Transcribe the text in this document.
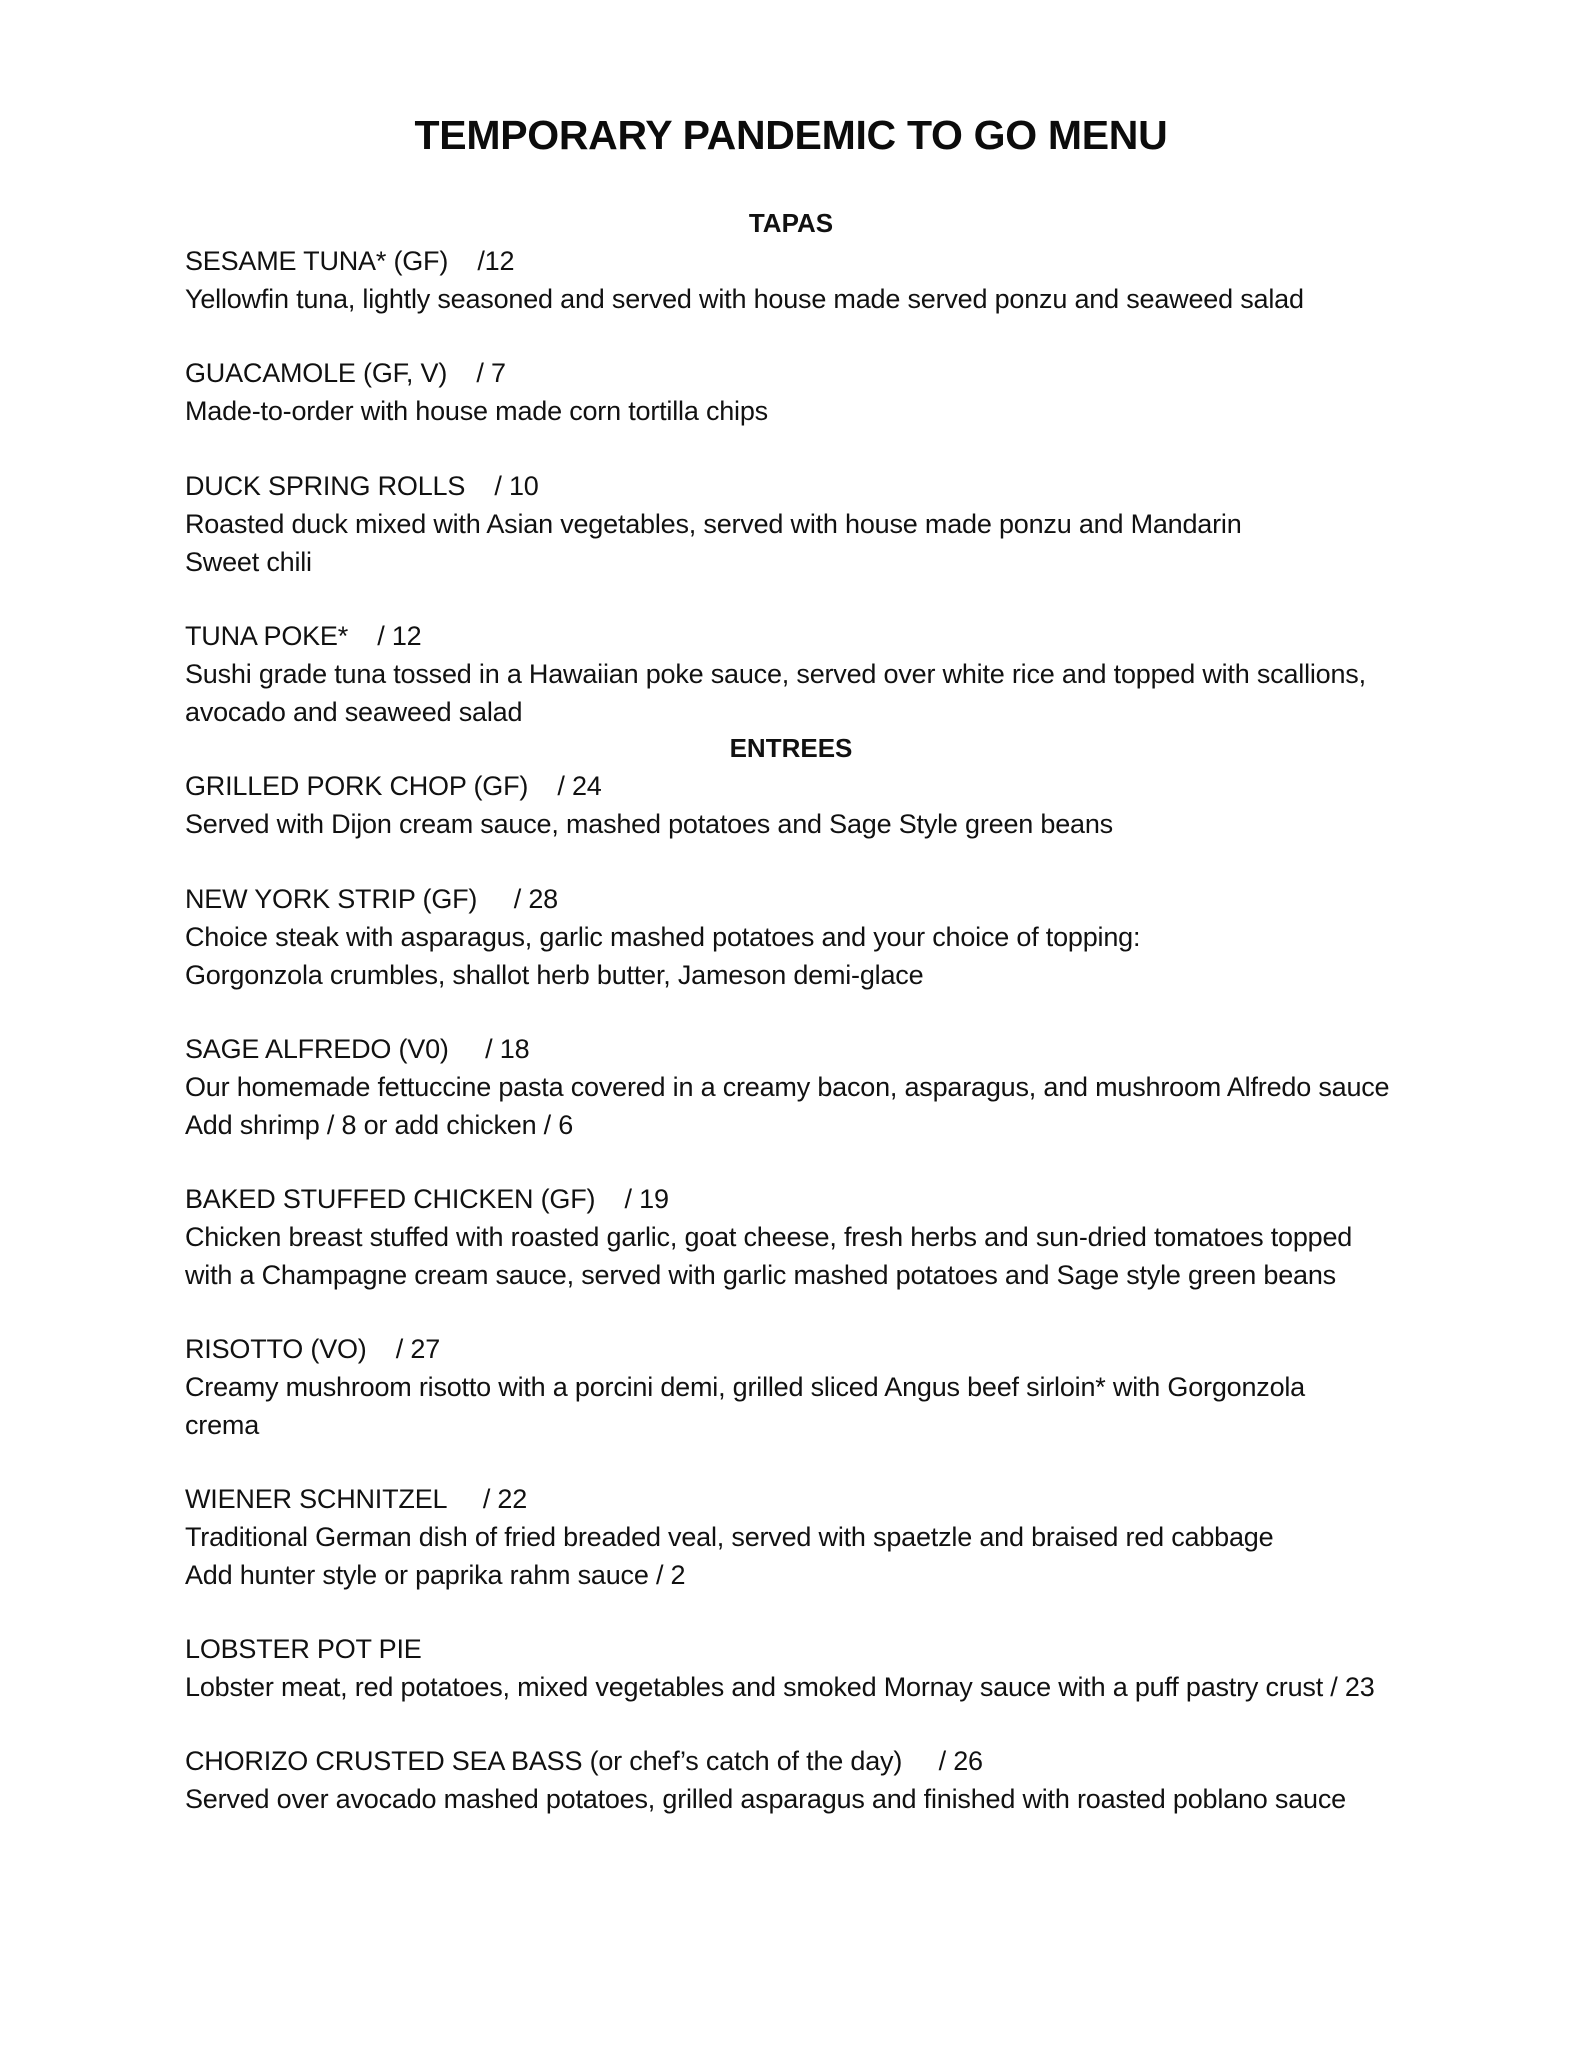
TEMPORARY PANDEMIC TO GO MENU
TAPAS
SESAME TUNA* (GF)    /12
Yellowfin tuna, lightly seasoned and served with house made served ponzu and seaweed salad
GUACAMOLE (GF, V)    / 7
Made-to-order with house made corn tortilla chips
DUCK SPRING ROLLS    / 10
Roasted duck mixed with Asian vegetables, served with house made ponzu and Mandarin
Sweet chili
TUNA POKE*    / 12
Sushi grade tuna tossed in a Hawaiian poke sauce, served over white rice and topped with scallions,
avocado and seaweed salad
ENTREES
GRILLED PORK CHOP (GF)    / 24
Served with Dijon cream sauce, mashed potatoes and Sage Style green beans
NEW YORK STRIP (GF)     / 28
Choice steak with asparagus, garlic mashed potatoes and your choice of topping:
Gorgonzola crumbles, shallot herb butter, Jameson demi-glace
SAGE ALFREDO (V0)     / 18
Our homemade fettuccine pasta covered in a creamy bacon, asparagus, and mushroom Alfredo sauce
Add shrimp / 8 or add chicken / 6
BAKED STUFFED CHICKEN (GF)    / 19
Chicken breast stuffed with roasted garlic, goat cheese, fresh herbs and sun-dried tomatoes topped
with a Champagne cream sauce, served with garlic mashed potatoes and Sage style green beans
RISOTTO (VO)    / 27
Creamy mushroom risotto with a porcini demi, grilled sliced Angus beef sirloin* with Gorgonzola
crema
WIENER SCHNITZEL     / 22
Traditional German dish of fried breaded veal, served with spaetzle and braised red cabbage
Add hunter style or paprika rahm sauce / 2
LOBSTER POT PIE
Lobster meat, red potatoes, mixed vegetables and smoked Mornay sauce with a puff pastry crust / 23
CHORIZO CRUSTED SEA BASS (or chef’s catch of the day)     / 26
Served over avocado mashed potatoes, grilled asparagus and finished with roasted poblano sauce
